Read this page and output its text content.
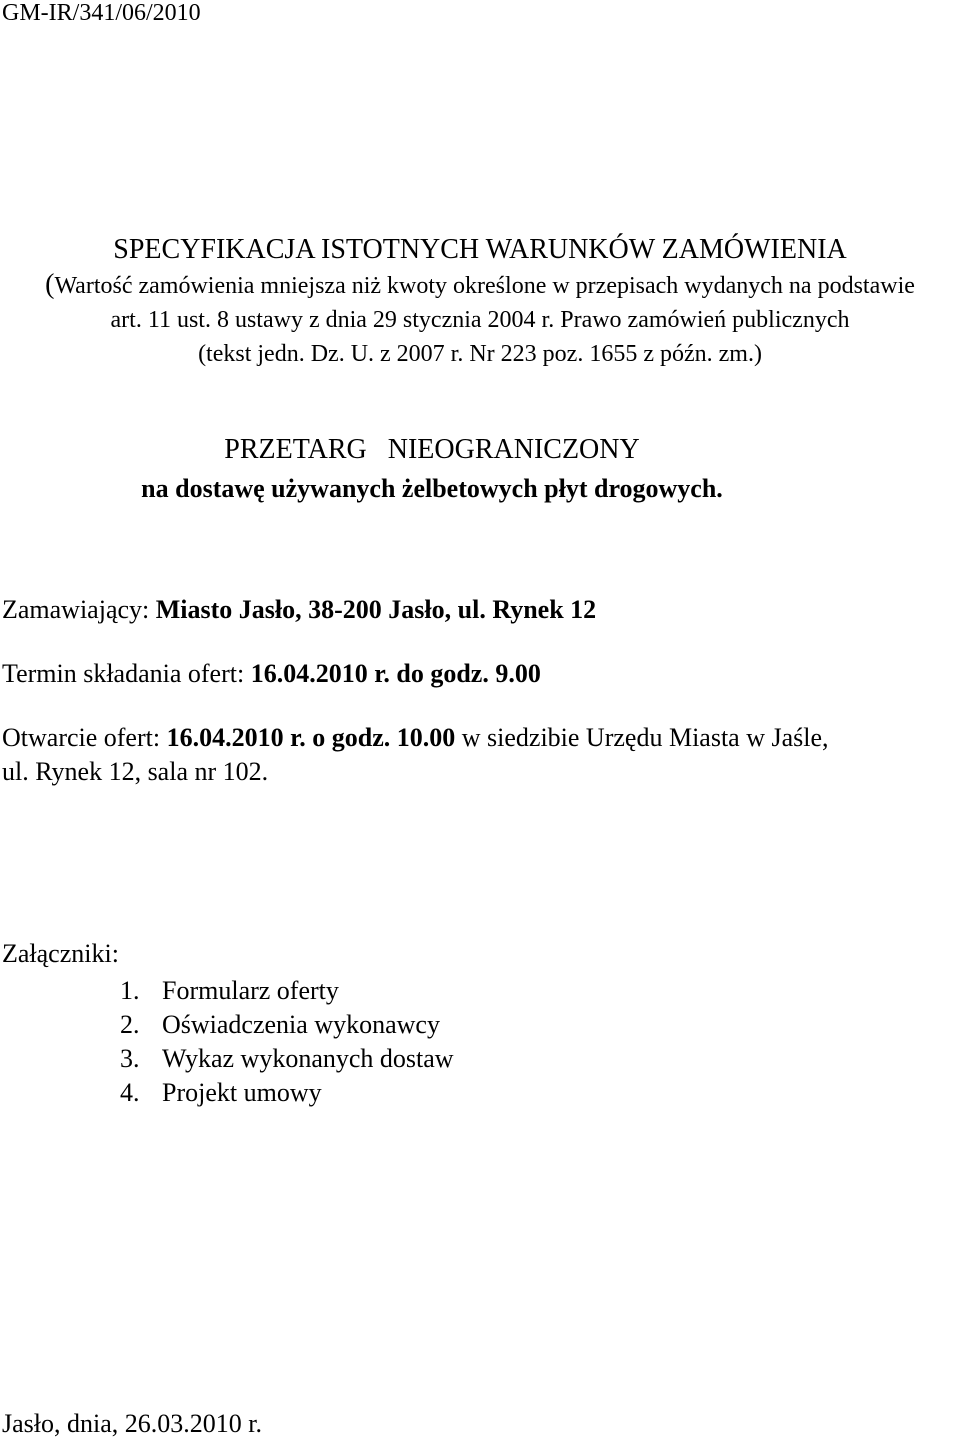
GM-IR/341/06/2010
SPECYFIKACJA ISTOTNYCH WARUNKÓW ZAMÓWIENIA
(Wartość zamówienia mniejsza niż kwoty określone w przepisach wydanych na podstawie
art. 11 ust. 8 ustawy z dnia 29 stycznia 2004 r. Prawo zamówień publicznych
(tekst jedn. Dz. U. z 2007 r. Nr 223 poz. 1655 z późn. zm.)
PRZETARG   NIEOGRANICZONY
na dostawę używanych żelbetowych płyt drogowych.
Zamawiający: Miasto Jasło, 38-200 Jasło, ul. Rynek 12
Termin składania ofert: 16.04.2010 r. do godz. 9.00
Otwarcie ofert: 16.04.2010 r. o godz. 10.00 w siedzibie Urzędu Miasta w Jaśle,
ul. Rynek 12, sala nr 102.
Załączniki:
1. Formularz oferty
2. Oświadczenia wykonawcy
3. Wykaz wykonanych dostaw
4. Projekt umowy
Jasło, dnia, 26.03.2010 r.
